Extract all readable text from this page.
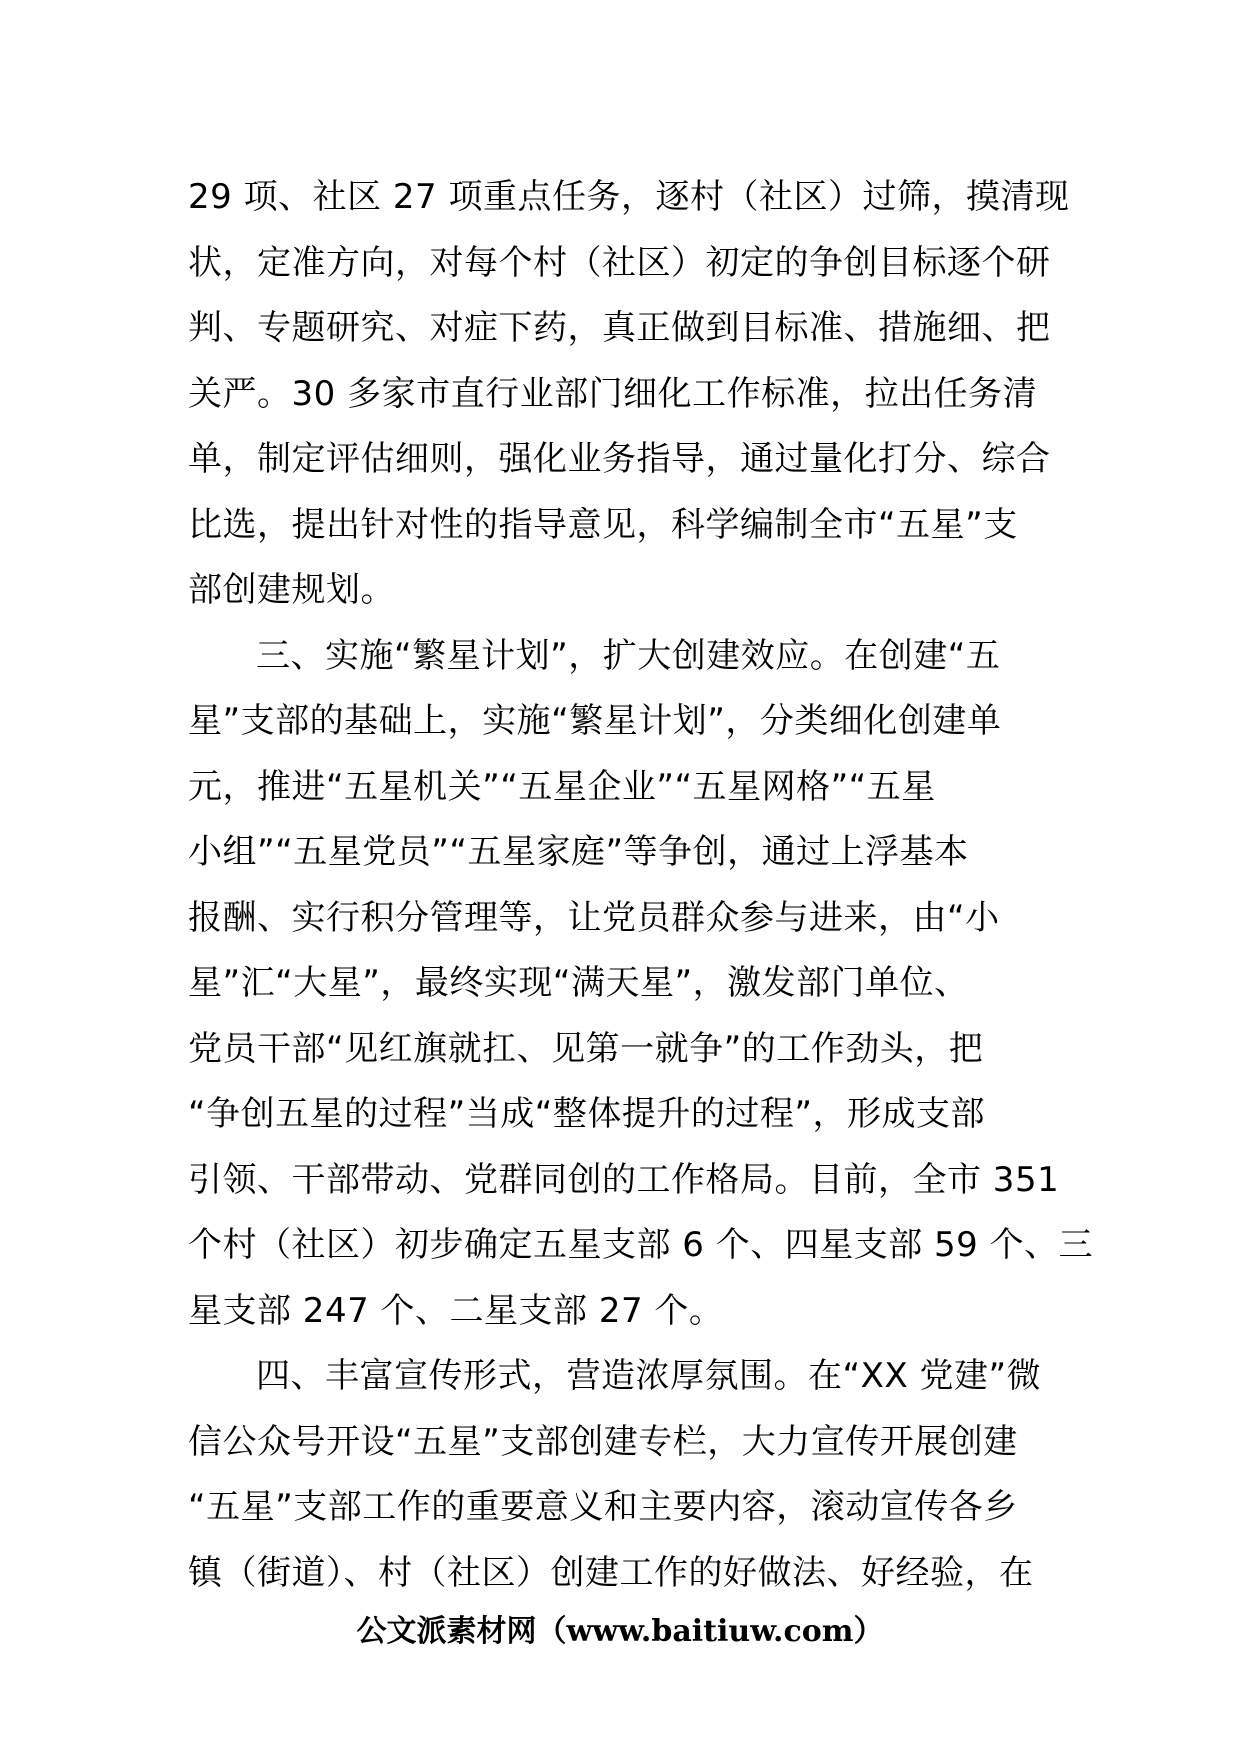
29 项、社区 27 项重点任务，逐村（社区）过筛，摸清现
状，定准方向，对每个村（社区）初定的争创目标逐个研
判、专题研究、对症下药，真正做到目标准、措施细、把
关严。30 多家市直行业部门细化工作标准，拉出任务清
单，制定评估细则，强化业务指导，通过量化打分、综合
比选，提出针对性的指导意见，科学编制全市“五星”支
部创建规划。
三、实施“繁星计划”，扩大创建效应。在创建“五
星”支部的基础上，实施“繁星计划”，分类细化创建单
元，推进“五星机关”“五星企业”“五星网格”“五星
小组”“五星党员”“五星家庭”等争创，通过上浮基本
报酬、实行积分管理等，让党员群众参与进来，由“小
星”汇“大星”，最终实现“满天星”，激发部门单位、
党员干部“见红旗就扛、见第一就争”的工作劲头，把
“争创五星的过程”当成“整体提升的过程”，形成支部
引领、干部带动、党群同创的工作格局。目前，全市 351
个村（社区）初步确定五星支部 6 个、四星支部 59 个、三
星支部 247 个、二星支部 27 个。
四、丰富宣传形式，营造浓厚氛围。在“XX 党建”微
信公众号开设“五星”支部创建专栏，大力宣传开展创建
“五星”支部工作的重要意义和主要内容，滚动宣传各乡
镇（街道）、村（社区）创建工作的好做法、好经验，在
公文派素材网（www.baitiuw.com）
